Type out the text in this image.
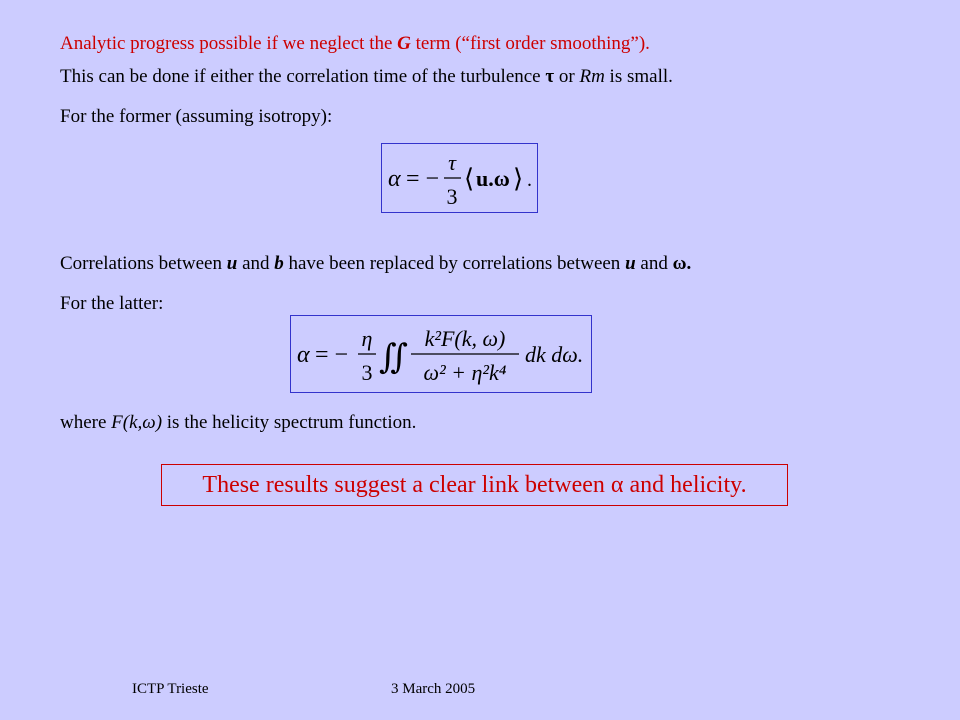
Analytic progress possible if we neglect the G term (“first order smoothing”).
This can be done if either the correlation time of the turbulence τ or Rm is small.
For the former (assuming isotropy):
α = −
τ
3
⟨ u.ω ⟩ .
Correlations between u and b have been replaced by correlations between u and ω.
For the latter:
α = −
η
3 ∬
k²F(k, ω)
ω² + η²k⁴
dk dω.
where F(k,ω) is the helicity spectrum function.
These results suggest a clear link between α and helicity.
ICTP Trieste	3 March 2005
